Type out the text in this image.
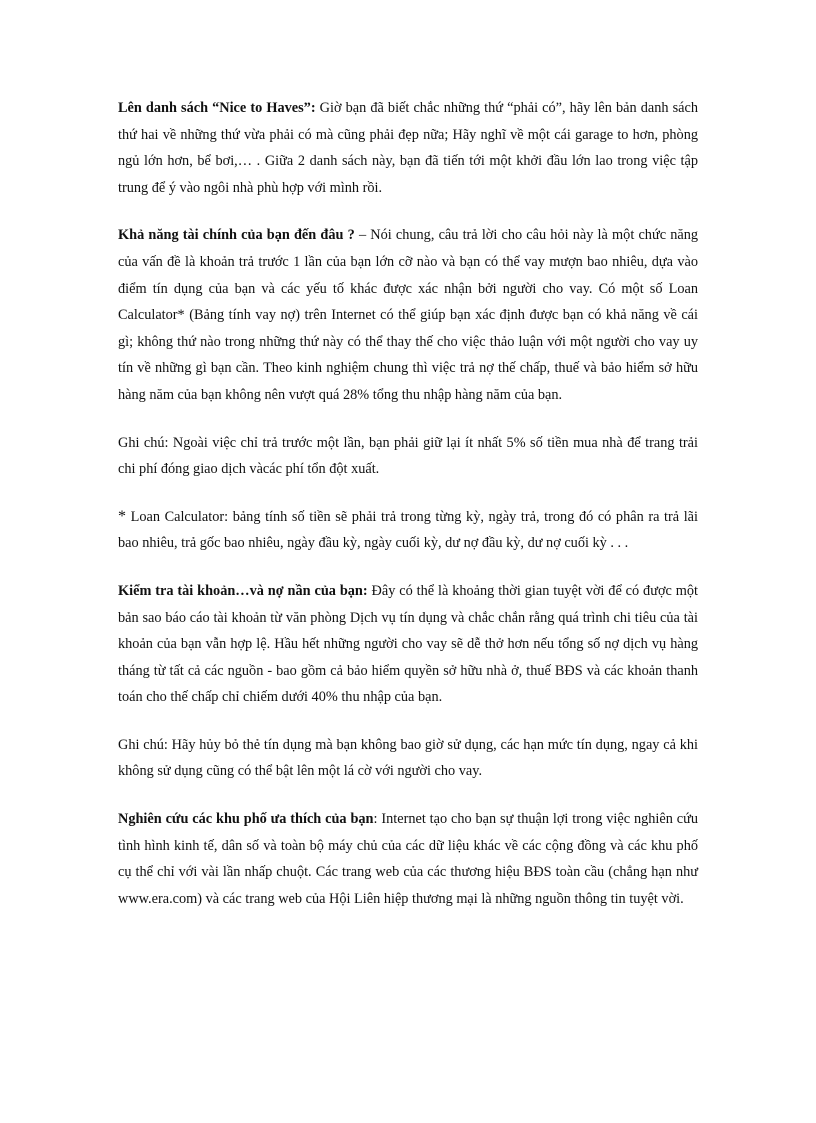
Lên danh sách “Nice to Haves”: Giờ bạn đã biết chắc những thứ “phải có”, hãy lên bản danh sách thứ hai về những thứ vừa phải có mà cũng phải đẹp nữa; Hãy nghĩ về một cái garage to hơn, phòng ngủ lớn hơn, bể bơi,… . Giữa 2 danh sách này, bạn đã tiến tới một khởi đầu lớn lao trong việc tập trung để ý vào ngôi nhà phù hợp với mình rồi.

Khả năng tài chính của bạn đến đâu ? – Nói chung, câu trả lời cho câu hỏi này là một chức năng của vấn đề là khoản trả trước 1 lần của bạn lớn cỡ nào và bạn có thể vay mượn bao nhiêu, dựa vào điểm tín dụng của bạn và các yếu tố khác được xác nhận bởi người cho vay. Có một số Loan Calculator* (Bảng tính vay nợ) trên Internet có thể giúp bạn xác định được bạn có khả năng về cái gì; không thứ nào trong những thứ này có thể thay thế cho việc thảo luận với một người cho vay uy tín về những gì bạn cần. Theo kinh nghiệm chung thì việc trả nợ thế chấp, thuế và bảo hiểm sở hữu hàng năm của bạn không nên vượt quá 28% tổng thu nhập hàng năm của bạn.

Ghi chú: Ngoài việc chỉ trả trước một lần, bạn phải giữ lại ít nhất 5% số tiền mua nhà để trang trải chi phí đóng giao dịch vàcác phí tổn đột xuất.

* Loan Calculator: bảng tính số tiền sẽ phải trả trong từng kỳ, ngày trả, trong đó có phân ra trả lãi bao nhiêu, trả gốc bao nhiêu, ngày đầu kỳ, ngày cuối kỳ, dư nợ đầu kỳ, dư nợ cuối kỳ . . .

Kiểm tra tài khoản…và nợ nần của bạn: Đây có thể là khoảng thời gian tuyệt vời để có được một bản sao báo cáo tài khoản từ văn phòng Dịch vụ tín dụng và chắc chắn rằng quá trình chi tiêu của tài khoản của bạn vẫn hợp lệ. Hầu hết những người cho vay sẽ dễ thở hơn nếu tổng số nợ dịch vụ hàng tháng từ tất cả các nguồn - bao gồm cả bảo hiểm quyền sở hữu nhà ở, thuế BĐS và các khoản thanh toán cho thế chấp chỉ chiếm dưới 40% thu nhập của bạn.

Ghi chú: Hãy hủy bỏ thẻ tín dụng mà bạn không bao giờ sử dụng, các hạn mức tín dụng, ngay cả khi không sử dụng cũng có thể bật lên một lá cờ với người cho vay.

Nghiên cứu các khu phố ưa thích của bạn: Internet tạo cho bạn sự thuận lợi trong việc nghiên cứu tình hình kinh tế, dân số và toàn bộ máy chủ của các dữ liệu khác về các cộng đồng và các khu phố cụ thể chỉ với vài lần nhấp chuột. Các trang web của các thương hiệu BĐS toàn cầu (chẳng hạn như www.era.com) và các trang web của Hội Liên hiệp thương mại là những nguồn thông tin tuyệt vời.
